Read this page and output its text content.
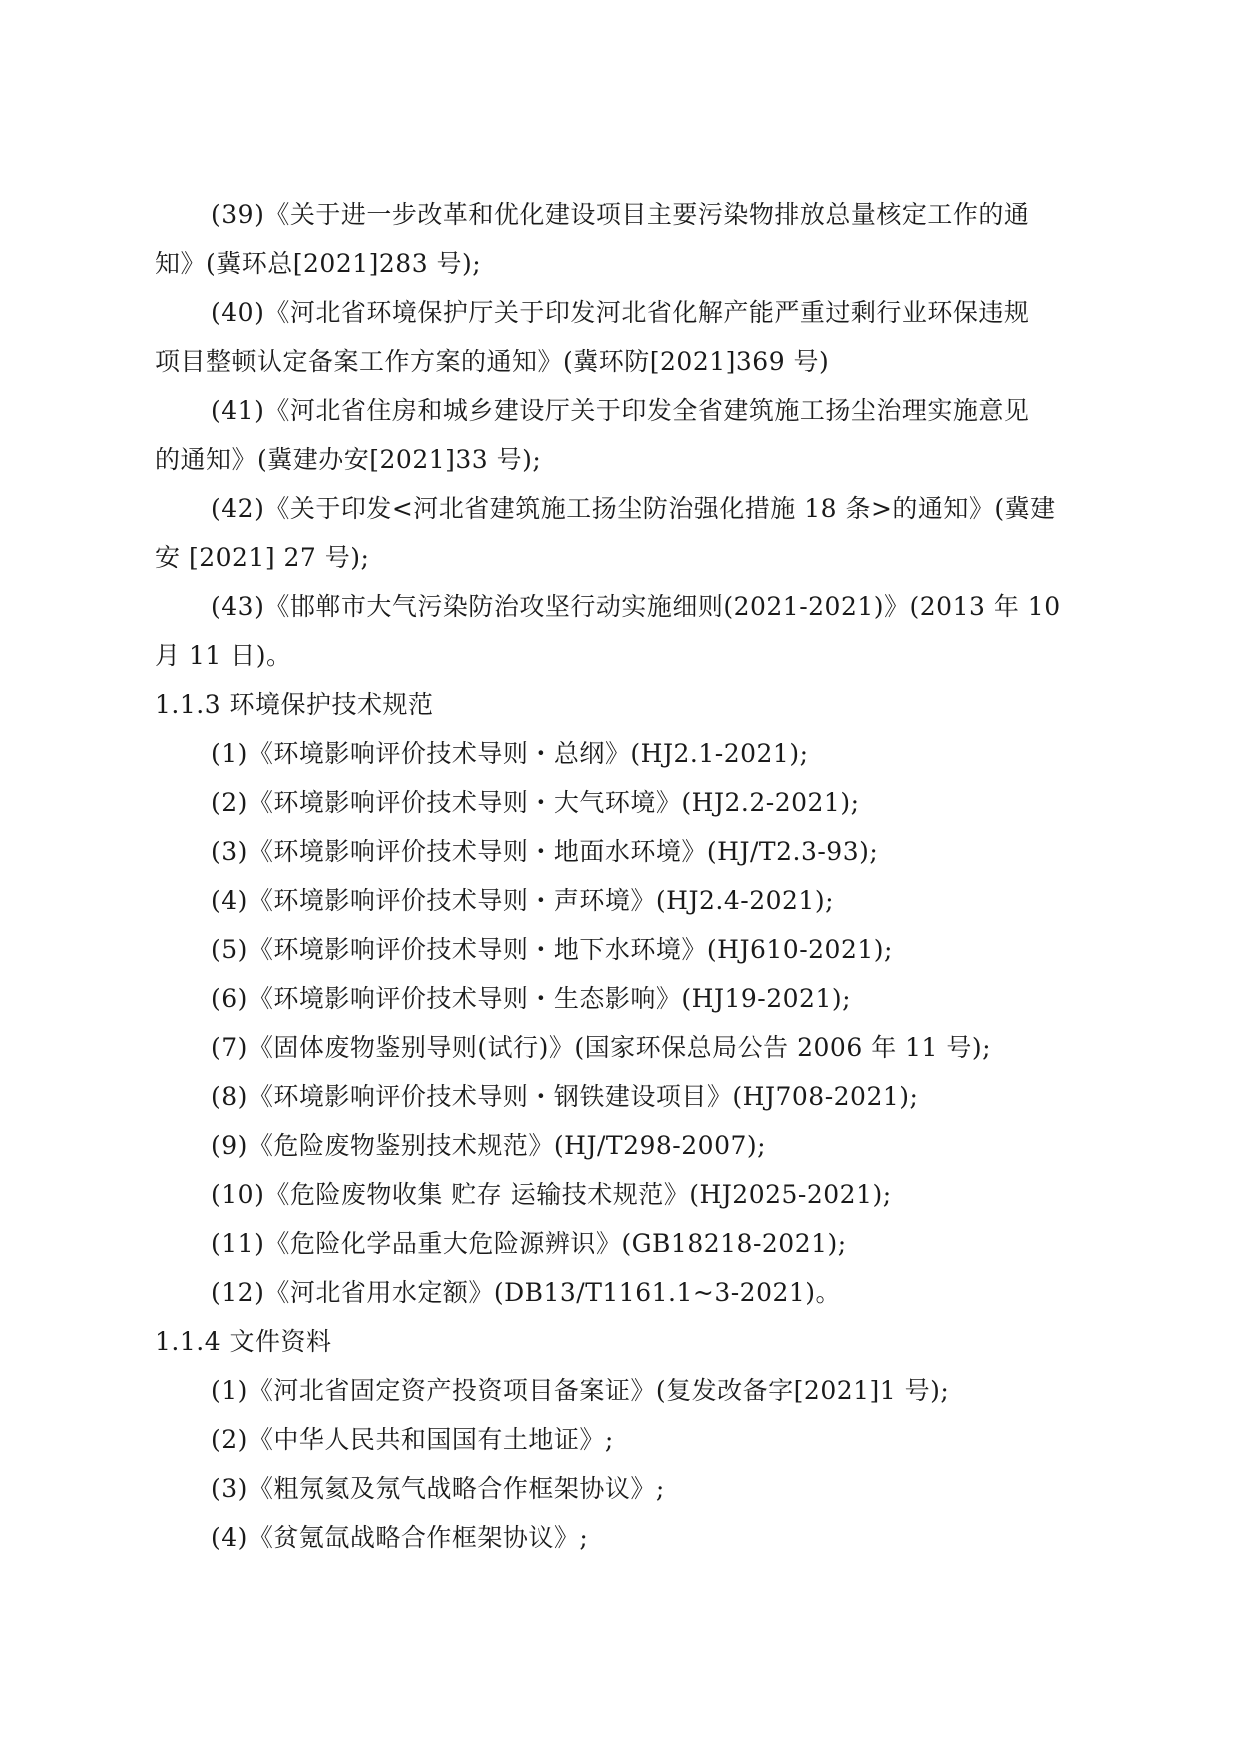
(39)《关于进一步改革和优化建设项目主要污染物排放总量核定工作的通
知》(冀环总[2021]283 号);

(40)《河北省环境保护厅关于印发河北省化解产能严重过剩行业环保违规
项目整顿认定备案工作方案的通知》(冀环防[2021]369 号)

(41)《河北省住房和城乡建设厅关于印发全省建筑施工扬尘治理实施意见
的通知》(冀建办安[2021]33 号);

(42)《关于印发<河北省建筑施工扬尘防治强化措施 18 条>的通知》(冀建
安 [2021] 27 号);

(43)《邯郸市大气污染防治攻坚行动实施细则(2021-2021)》(2013 年 10
月 11 日)。

1.1.3 环境保护技术规范

(1)《环境影响评价技术导则・总纲》(HJ2.1-2021);

(2)《环境影响评价技术导则・大气环境》(HJ2.2-2021);

(3)《环境影响评价技术导则・地面水环境》(HJ/T2.3-93);

(4)《环境影响评价技术导则・声环境》(HJ2.4-2021);

(5)《环境影响评价技术导则・地下水环境》(HJ610-2021);

(6)《环境影响评价技术导则・生态影响》(HJ19-2021);

(7)《固体废物鉴别导则(试行)》(国家环保总局公告 2006 年 11 号);

(8)《环境影响评价技术导则・钢铁建设项目》(HJ708-2021);

(9)《危险废物鉴别技术规范》(HJ/T298-2007);

(10)《危险废物收集 贮存 运输技术规范》(HJ2025-2021);

(11)《危险化学品重大危险源辨识》(GB18218-2021);

(12)《河北省用水定额》(DB13/T1161.1~3-2021)。

1.1.4 文件资料

(1)《河北省固定资产投资项目备案证》(复发改备字[2021]1 号);

(2)《中华人民共和国国有土地证》;

(3)《粗氖氦及氖气战略合作框架协议》;

(4)《贫氪氙战略合作框架协议》;
